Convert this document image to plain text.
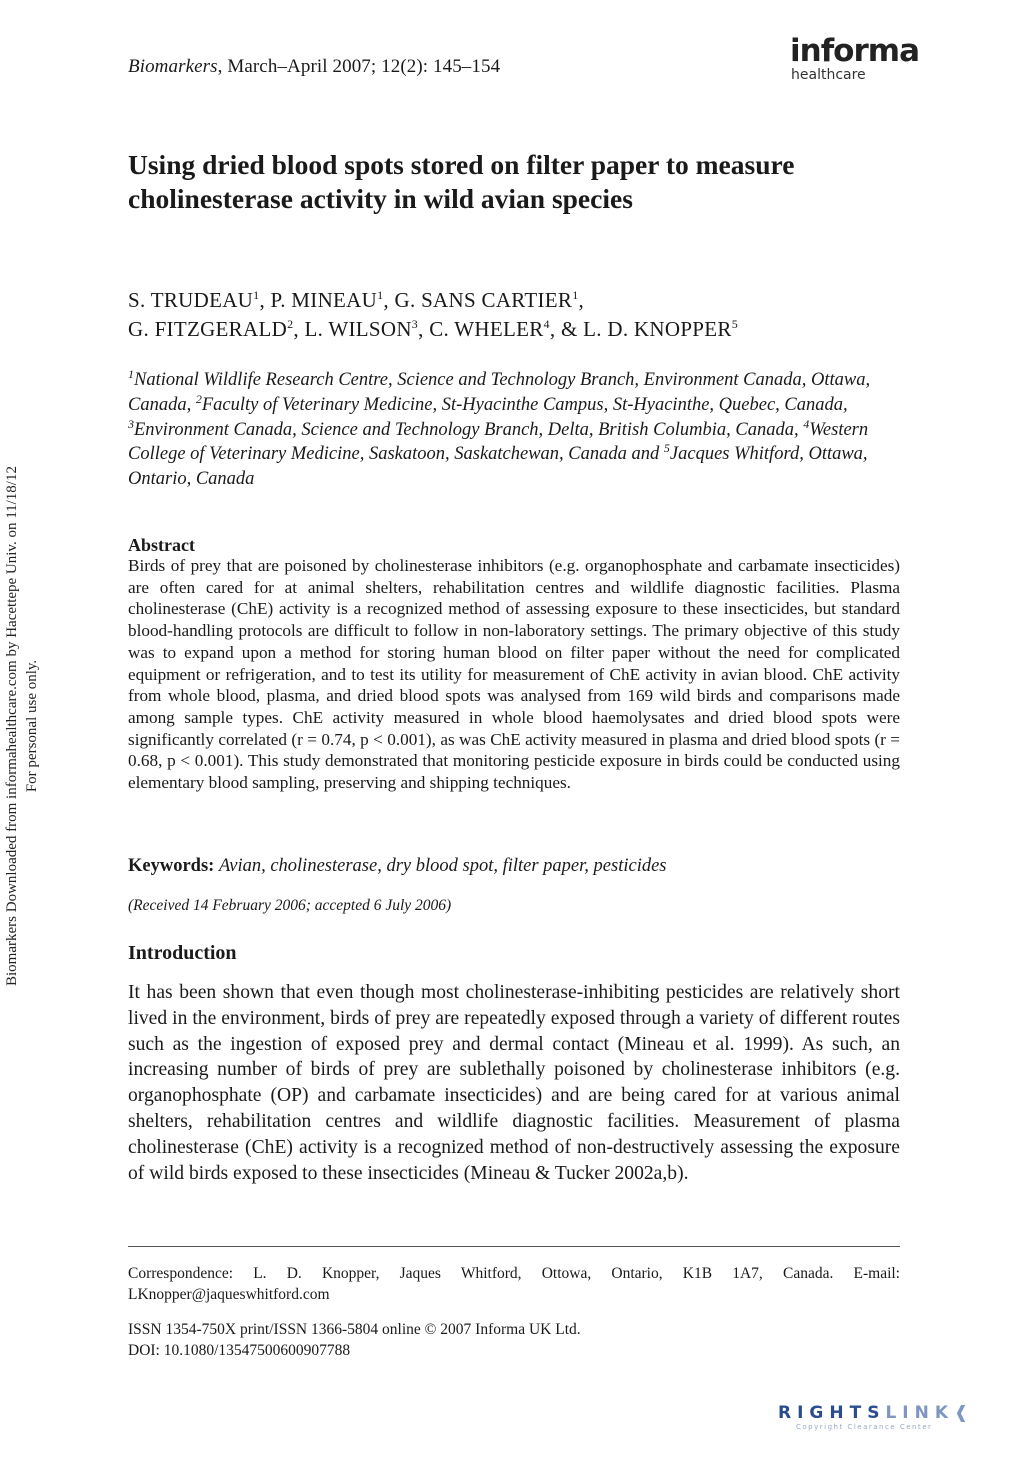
Biomarkers, March–April 2007; 12(2): 145–154	informa
healthcare
Using dried blood spots stored on filter paper to measure cholinesterase activity in wild avian species
S. TRUDEAU$^1$, P. MINEAU$^1$, G. SANS CARTIER$^1$,
G. FITZGERALD$^2$, L. WILSON$^3$, C. WHELER$^4$, & L. D. KNOPPER$^5$
$^1$National Wildlife Research Centre, Science and Technology Branch, Environment Canada, Ottawa, Canada, $^2$Faculty of Veterinary Medicine, St-Hyacinthe Campus, St-Hyacinthe, Quebec, Canada, $^3$Environment Canada, Science and Technology Branch, Delta, British Columbia, Canada, $^4$Western College of Veterinary Medicine, Saskatoon, Saskatchewan, Canada and $^5$Jacques Whitford, Ottawa, Ontario, Canada
Abstract
Birds of prey that are poisoned by cholinesterase inhibitors (e.g. organophosphate and carbamate insecticides) are often cared for at animal shelters, rehabilitation centres and wildlife diagnostic facilities. Plasma cholinesterase (ChE) activity is a recognized method of assessing exposure to these insecticides, but standard blood-handling protocols are difficult to follow in non-laboratory settings. The primary objective of this study was to expand upon a method for storing human blood on filter paper without the need for complicated equipment or refrigeration, and to test its utility for measurement of ChE activity in avian blood. ChE activity from whole blood, plasma, and dried blood spots was analysed from 169 wild birds and comparisons made among sample types. ChE activity measured in whole blood haemolysates and dried blood spots were significantly correlated (r = 0.74, p < 0.001), as was ChE activity measured in plasma and dried blood spots (r = 0.68, p < 0.001). This study demonstrated that monitoring pesticide exposure in birds could be conducted using elementary blood sampling, preserving and shipping techniques.
Keywords: Avian, cholinesterase, dry blood spot, filter paper, pesticides
(Received 14 February 2006; accepted 6 July 2006)
Introduction
It has been shown that even though most cholinesterase-inhibiting pesticides are relatively short lived in the environment, birds of prey are repeatedly exposed through a variety of different routes such as the ingestion of exposed prey and dermal contact (Mineau et al. 1999). As such, an increasing number of birds of prey are sublethally poisoned by cholinesterase inhibitors (e.g. organophosphate (OP) and carbamate insecticides) and are being cared for at various animal shelters, rehabilitation centres and wildlife diagnostic facilities. Measurement of plasma cholinesterase (ChE) activity is a recognized method of non-destructively assessing the exposure of wild birds exposed to these insecticides (Mineau & Tucker 2002a,b).
Correspondence: L. D. Knopper, Jaques Whitford, Ottowa, Ontario, K1B 1A7, Canada. E-mail: LKnopper@jaqueswhitford.com
ISSN 1354-750X print/ISSN 1366-5804 online © 2007 Informa UK Ltd.
DOI: 10.1080/13547500600907788
Biomarkers Downloaded from informahealthcare.com by Hacettepe Univ. on 11/18/12 For personal use only.
RIGHTSLINK❰
Copyright Clearance Center
